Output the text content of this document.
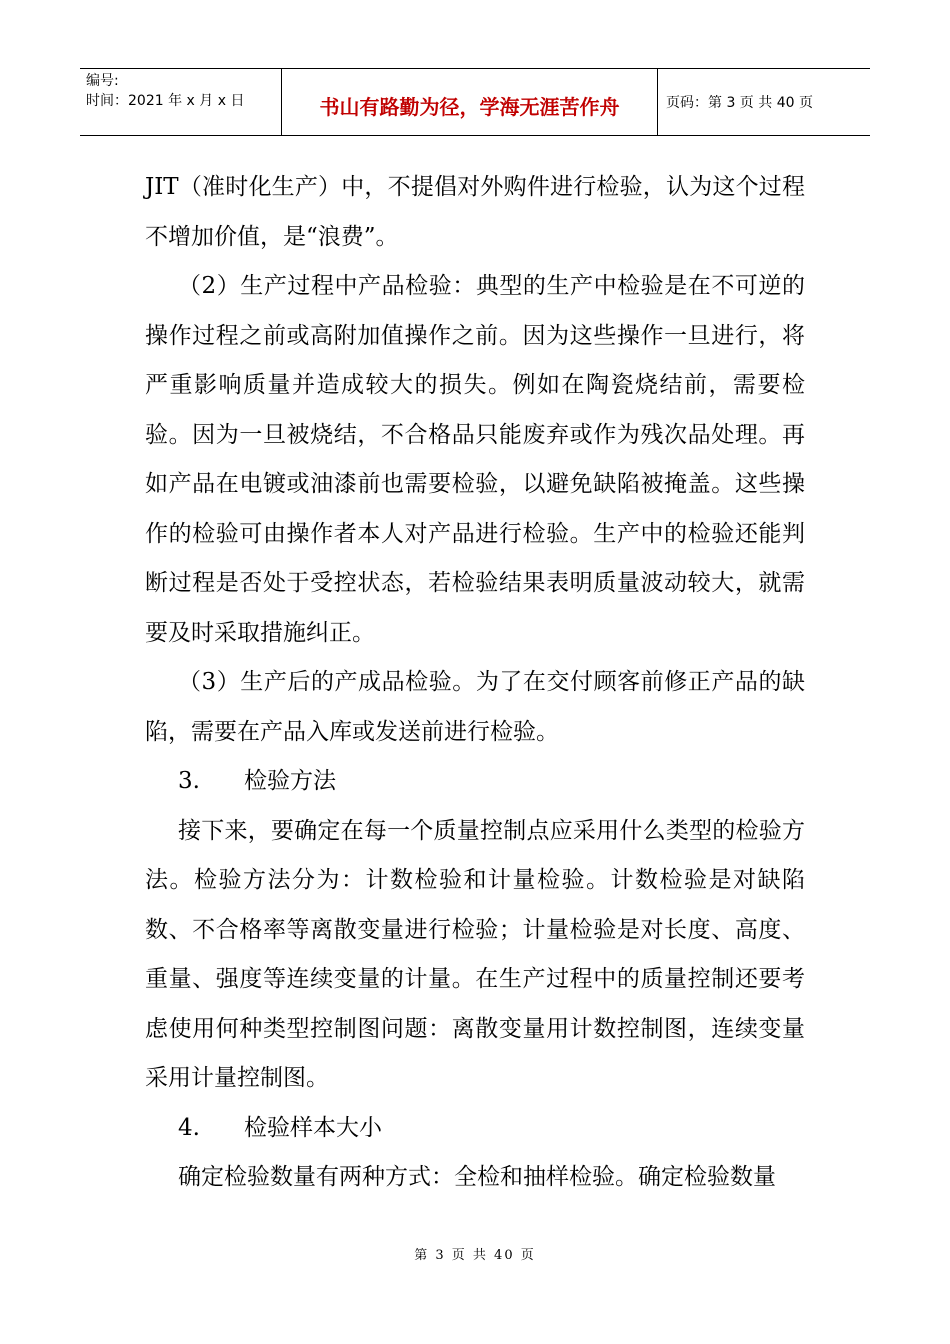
编号:
时间：2021 年 x 月 x 日	书山有路勤为径，学海无涯苦作舟	页码：第 3 页 共 40 页

JIT（准时化生产）中，不提倡对外购件进行检验，认为这个过程不增加价值，是“浪费”。

（2）生产过程中产品检验：典型的生产中检验是在不可逆的操作过程之前或高附加值操作之前。因为这些操作一旦进行，将严重影响质量并造成较大的损失。例如在陶瓷烧结前，需要检验。因为一旦被烧结，不合格品只能废弃或作为残次品处理。再如产品在电镀或油漆前也需要检验，以避免缺陷被掩盖。这些操作的检验可由操作者本人对产品进行检验。生产中的检验还能判断过程是否处于受控状态，若检验结果表明质量波动较大，就需要及时采取措施纠正。

（3）生产后的产成品检验。为了在交付顾客前修正产品的缺陷，需要在产品入库或发送前进行检验。

3.	检验方法

接下来，要确定在每一个质量控制点应采用什么类型的检验方法。检验方法分为：计数检验和计量检验。计数检验是对缺陷数、不合格率等离散变量进行检验；计量检验是对长度、高度、重量、强度等连续变量的计量。在生产过程中的质量控制还要考虑使用何种类型控制图问题：离散变量用计数控制图，连续变量采用计量控制图。

4.	检验样本大小

确定检验数量有两种方式：全检和抽样检验。确定检验数量

第 3 页 共 40 页
